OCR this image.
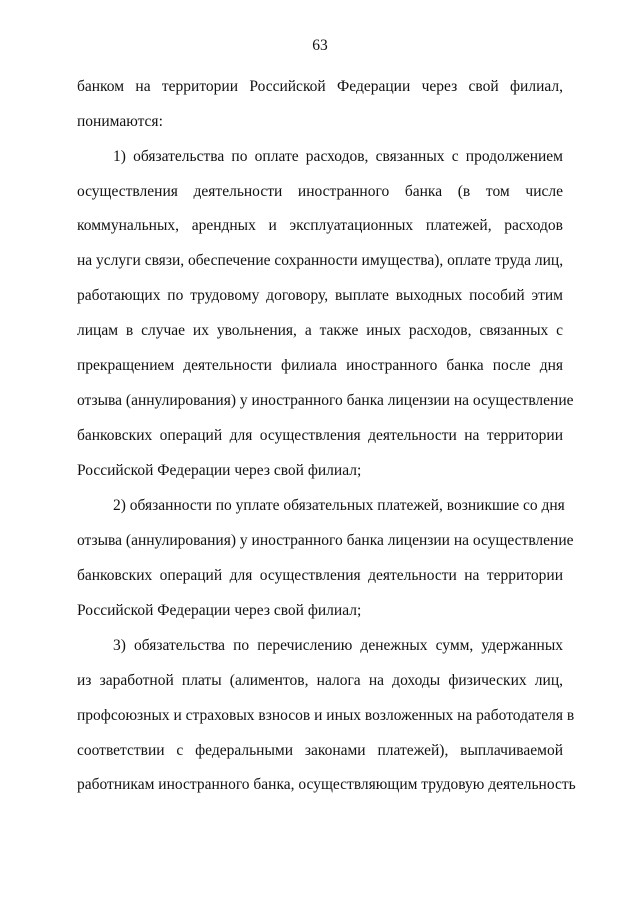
63
банком на территории Российской Федерации через свой филиал,
понимаются:
1) обязательства по оплате расходов, связанных с продолжением
осуществления деятельности иностранного банка (в том числе
коммунальных, арендных и эксплуатационных платежей, расходов
на услуги связи, обеспечение сохранности имущества), оплате труда лиц,
работающих по трудовому договору, выплате выходных пособий этим
лицам в случае их увольнения, а также иных расходов, связанных с
прекращением деятельности филиала иностранного банка после дня
отзыва (аннулирования) у иностранного банка лицензии на осуществление
банковских операций для осуществления деятельности на территории
Российской Федерации через свой филиал;
2) обязанности по уплате обязательных платежей, возникшие со дня
отзыва (аннулирования) у иностранного банка лицензии на осуществление
банковских операций для осуществления деятельности на территории
Российской Федерации через свой филиал;
3) обязательства по перечислению денежных сумм, удержанных
из заработной платы (алиментов, налога на доходы физических лиц,
профсоюзных и страховых взносов и иных возложенных на работодателя в
соответствии с федеральными законами платежей), выплачиваемой
работникам иностранного банка, осуществляющим трудовую деятельность
